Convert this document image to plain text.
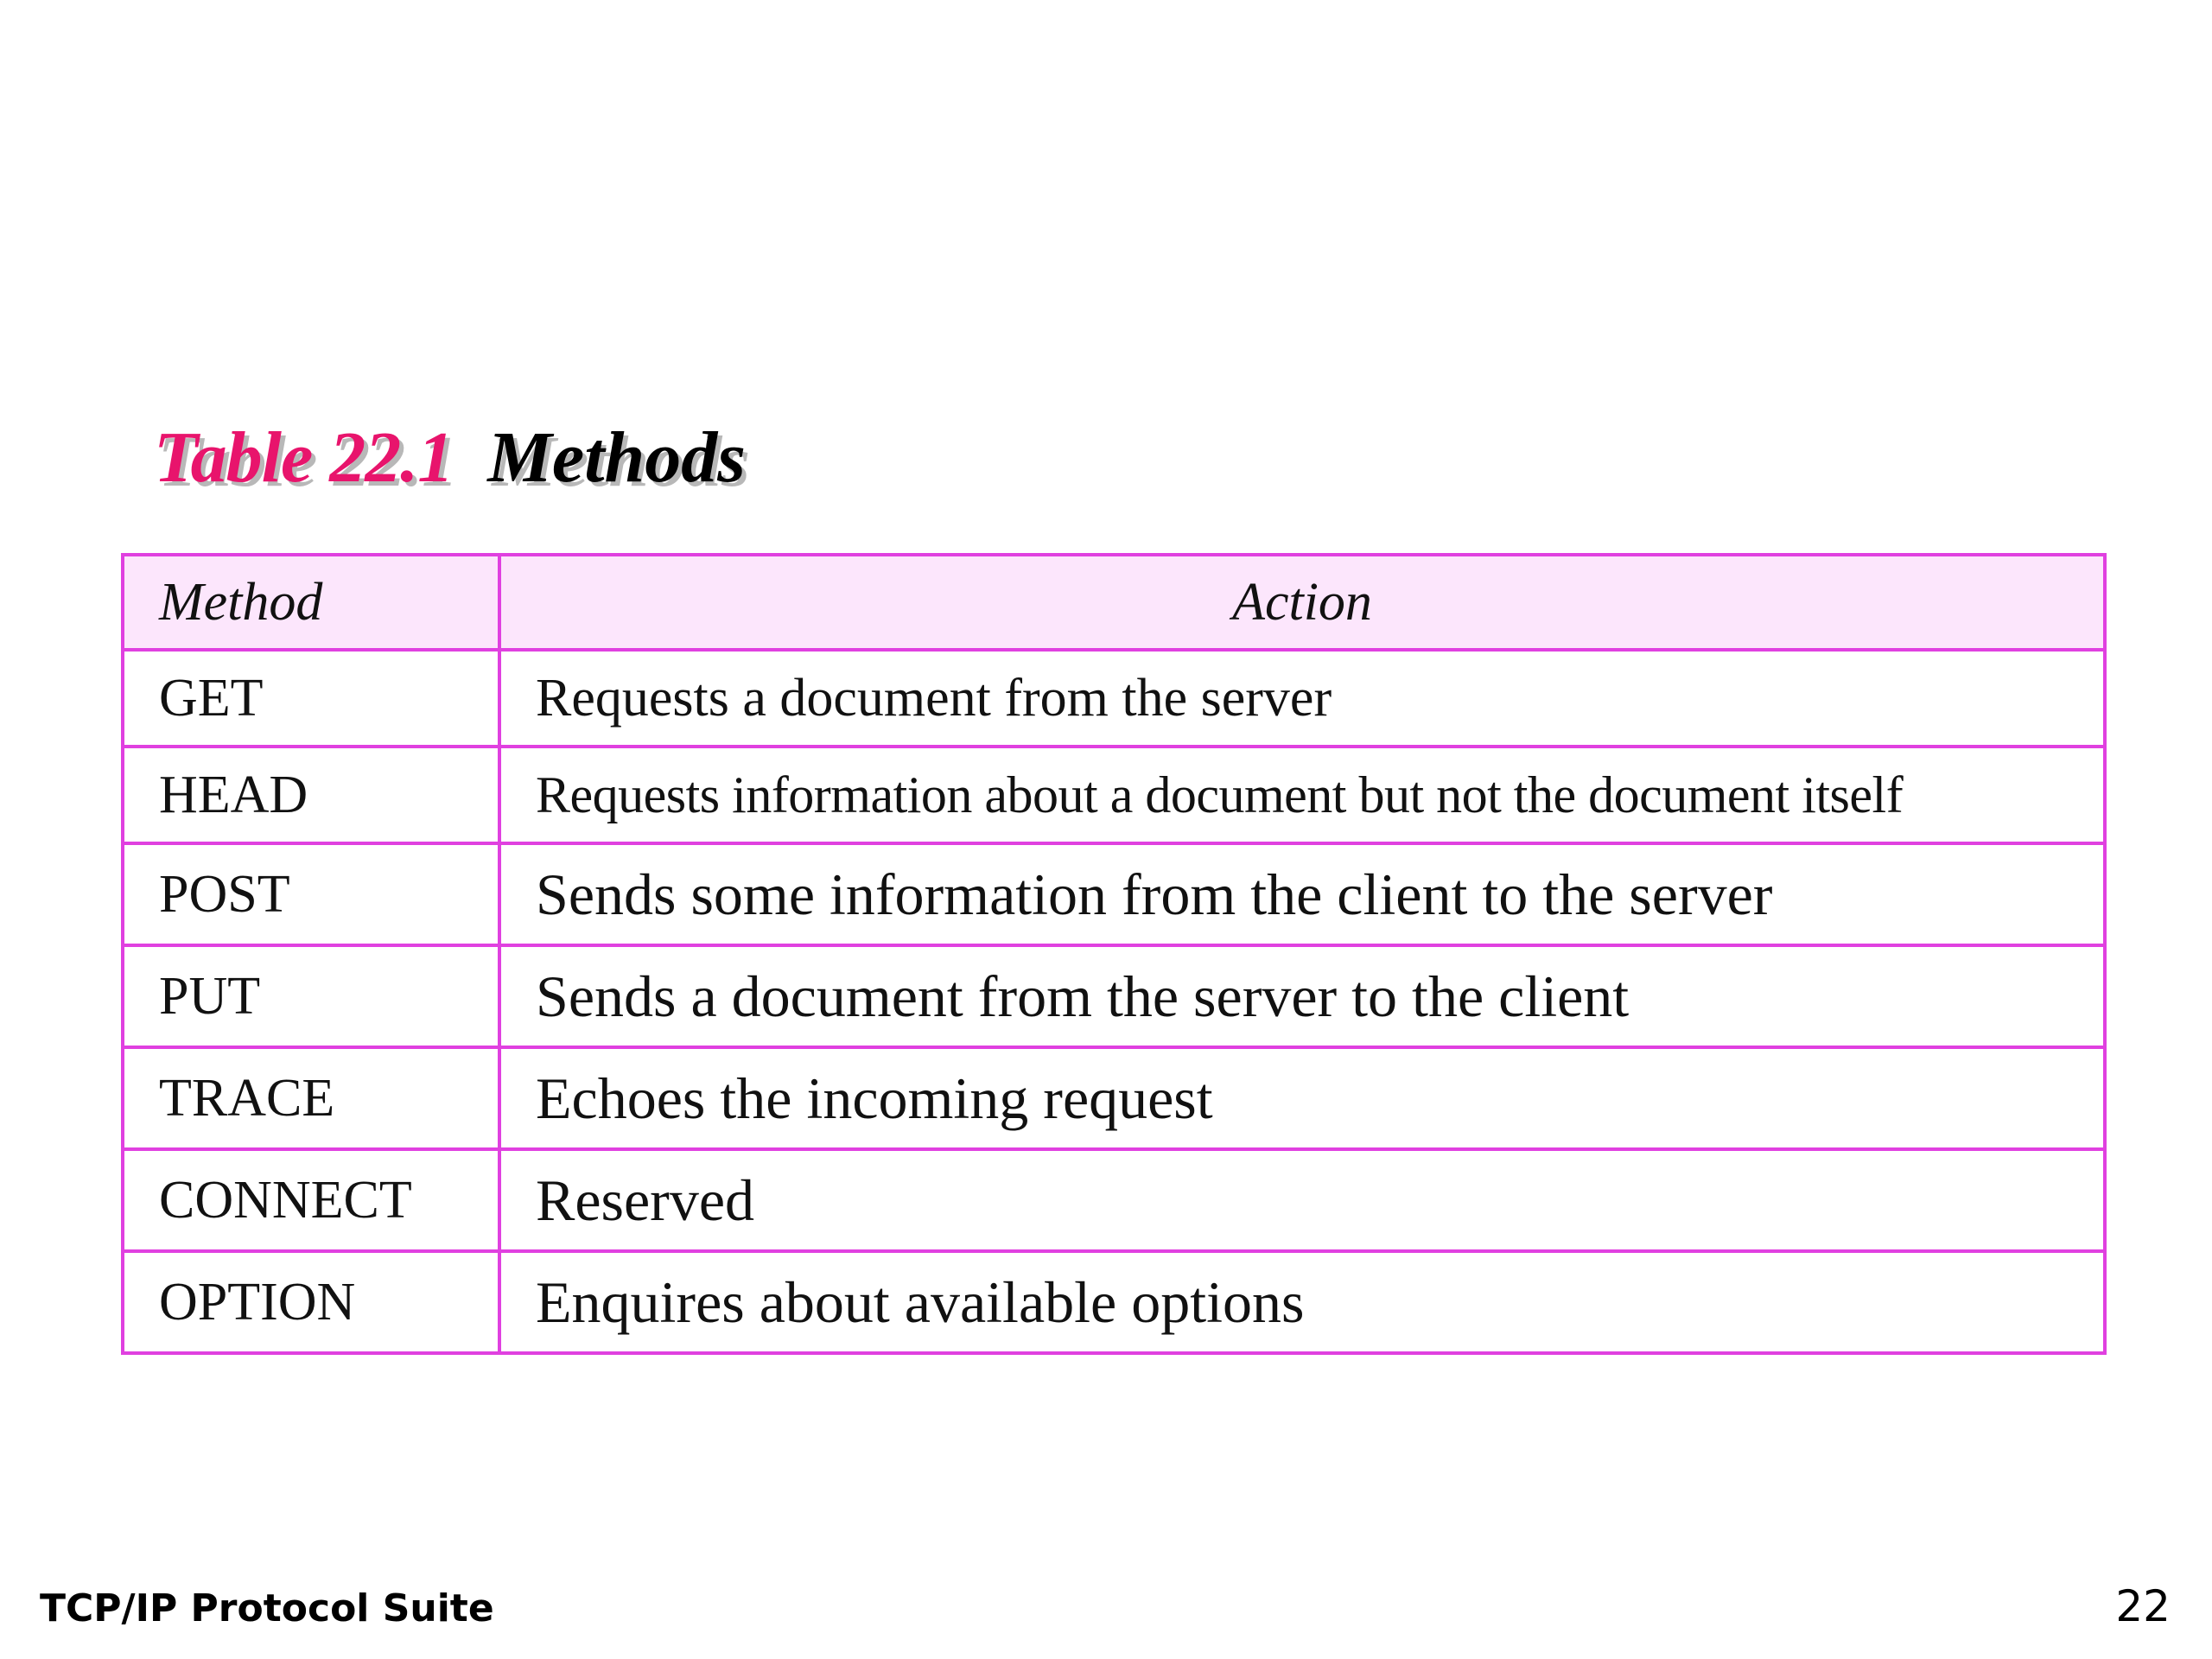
Table 22.1 Methods
Method	Action
GET	Requests a document from the server
HEAD	Requests information about a document but not the document itself
POST	Sends some information from the client to the server
PUT	Sends a document from the server to the client
TRACE	Echoes the incoming request
CONNECT	Reserved
OPTION	Enquires about available options
TCP/IP Protocol Suite	22
